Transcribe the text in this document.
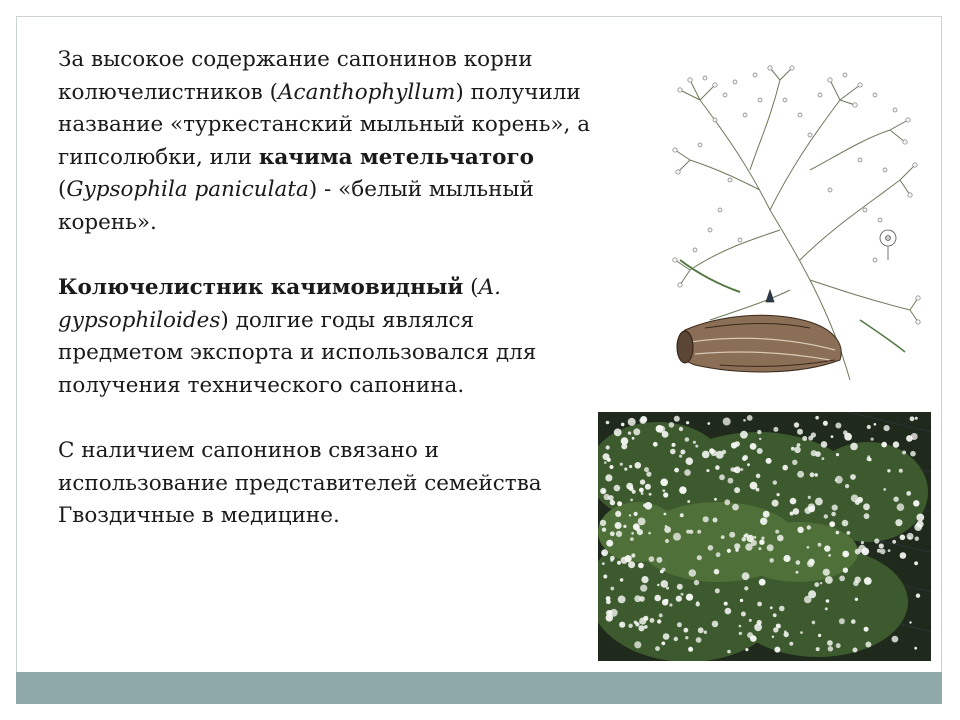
За высокое содержание сапонинов корни колючелистников (Acanthophyllum) получили название «туркестанский мыльный корень», а гипсолюбки, или качима метельчатого (Gypsophila paniculata) - «белый мыльный корень».

Колючелистник качимовидный (A. gypsophiloides) долгие годы являлся предметом экспорта и использовался для получения технического сапонина.

С наличием сапонинов связано и использование представителей семейства Гвоздичные в медицине.
